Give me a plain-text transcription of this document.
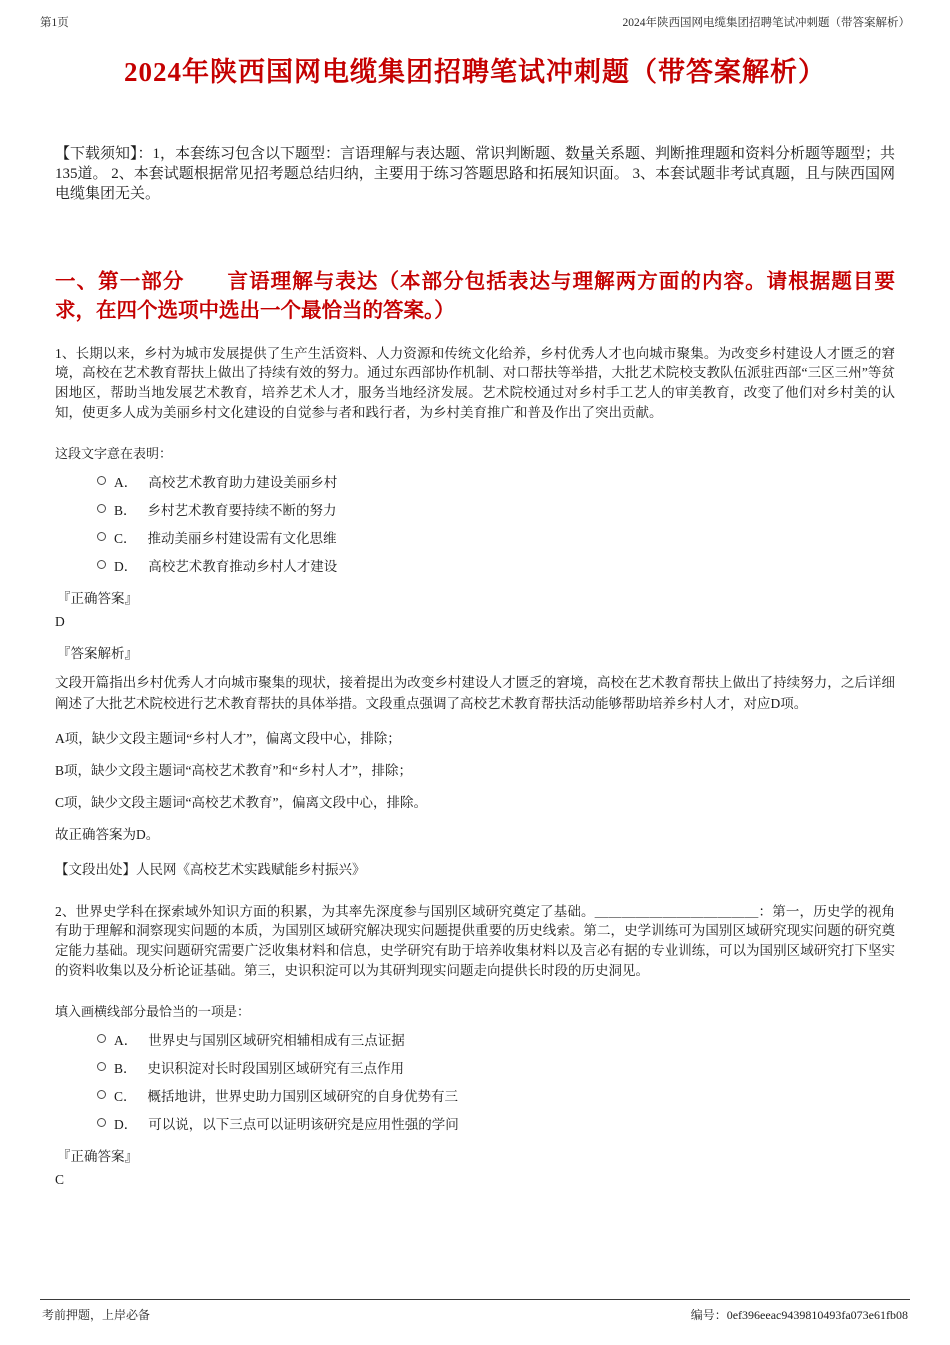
第1页	2024年陕西国网电缆集团招聘笔试冲刺题（带答案解析）
2024年陕西国网电缆集团招聘笔试冲刺题（带答案解析）

【下载须知】：1，本套练习包含以下题型：言语理解与表达题、常识判断题、数量关系题、判断推理题和资料分析题等题型；共135道。 2、本套试题根据常见招考题总结归纳，主要用于练习答题思路和拓展知识面。 3、本套试题非考试真题，且与陕西国网电缆集团无关。

一、第一部分　　言语理解与表达（本部分包括表达与理解两方面的内容。请根据题目要求，在四个选项中选出一个最恰当的答案。）

1、长期以来，乡村为城市发展提供了生产生活资料、人力资源和传统文化给养，乡村优秀人才也向城市聚集。为改变乡村建设人才匮乏的窘境，高校在艺术教育帮扶上做出了持续有效的努力。通过东西部协作机制、对口帮扶等举措，大批艺术院校支教队伍派驻西部“三区三州”等贫困地区，帮助当地发展艺术教育，培养艺术人才，服务当地经济发展。艺术院校通过对乡村手工艺人的审美教育，改变了他们对乡村美的认知，使更多人成为美丽乡村文化建设的自觉参与者和践行者，为乡村美育推广和普及作出了突出贡献。

这段文字意在表明：

A． 高校艺术教育助力建设美丽乡村
B． 乡村艺术教育要持续不断的努力
C． 推动美丽乡村建设需有文化思维
D． 高校艺术教育推动乡村人才建设

『正确答案』

D

『答案解析』

文段开篇指出乡村优秀人才向城市聚集的现状，接着提出为改变乡村建设人才匮乏的窘境，高校在艺术教育帮扶上做出了持续努力，之后详细阐述了大批艺术院校进行艺术教育帮扶的具体举措。文段重点强调了高校艺术教育帮扶活动能够帮助培养乡村人才，对应D项。

A项，缺少文段主题词“乡村人才”，偏离文段中心，排除；

B项，缺少文段主题词“高校艺术教育”和“乡村人才”，排除；

C项，缺少文段主题词“高校艺术教育”，偏离文段中心，排除。

故正确答案为D。

【文段出处】人民网《高校艺术实践赋能乡村振兴》

2、世界史学科在探索域外知识方面的积累，为其率先深度参与国别区域研究奠定了基础。＿＿＿＿＿＿＿＿＿＿＿＿：第一，历史学的视角有助于理解和洞察现实问题的本质，为国别区域研究解决现实问题提供重要的历史线索。第二，史学训练可为国别区域研究现实问题的研究奠定能力基础。现实问题研究需要广泛收集材料和信息，史学研究有助于培养收集材料以及言必有据的专业训练，可以为国别区域研究打下坚实的资料收集以及分析论证基础。第三，史识积淀可以为其研判现实问题走向提供长时段的历史洞见。

填入画横线部分最恰当的一项是：

A． 世界史与国别区域研究相辅相成有三点证据
B． 史识积淀对长时段国别区域研究有三点作用
C． 概括地讲，世界史助力国别区域研究的自身优势有三
D． 可以说，以下三点可以证明该研究是应用性强的学问

『正确答案』

C

考前押题，上岸必备	编号：0ef396eeac9439810493fa073e61fb08
